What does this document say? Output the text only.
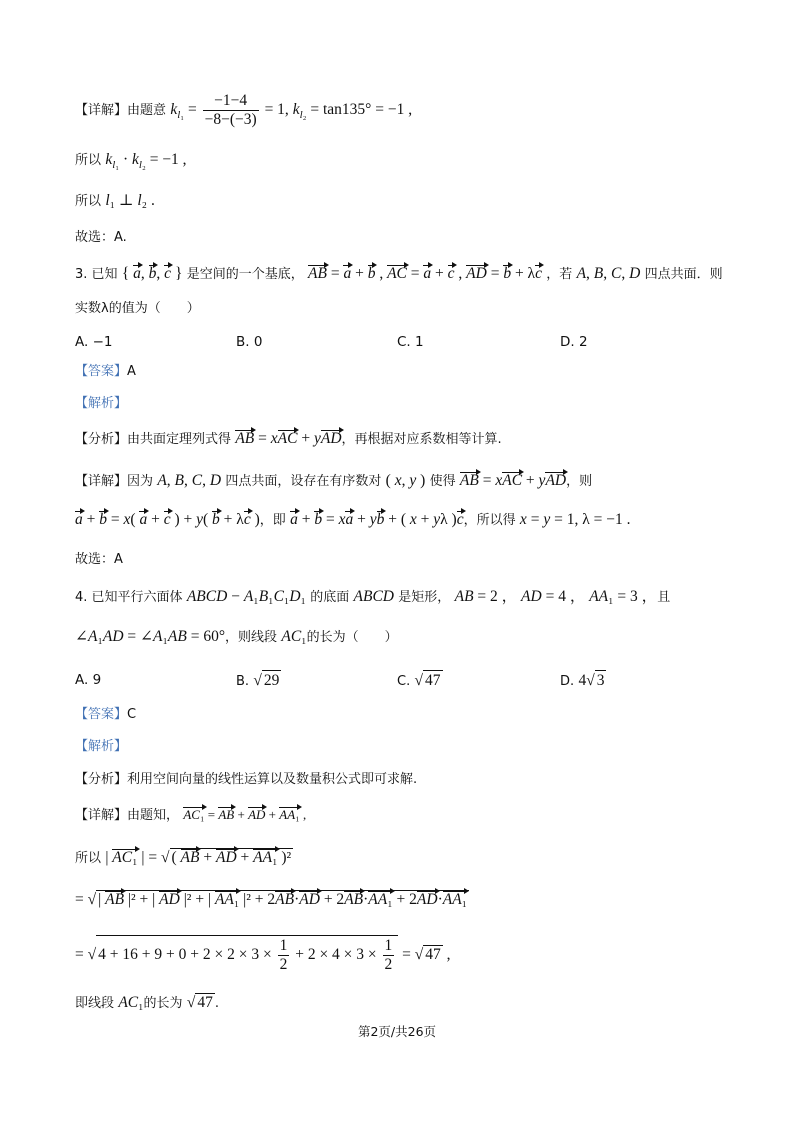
【详解】由题意 $k_{l_1} = \frac{-1-4}{-8-(-3)} = 1$, $k_{l_2} = \tan 135^\circ = -1$ ,
所以 $k_{l_1} \cdot k_{l_2} = -1$ ,
所以 l₁ ⊥ l₂ .
故选：A.
3. 已知 { a, b, c } 是空间的一个基底， AB = a + b , AC = a + c , AD = b + λc ，若 A, B, C, D 四点共面．则
实数λ的值为（　　）
A. −1	B. 0	C. 1	D. 2
【答案】A
【解析】
【分析】由共面定理列式得 AB = xAC + yAD，再根据对应系数相等计算.
【详解】因为 A, B, C, D 四点共面，设存在有序数对 ( x, y ) 使得 AB = xAC + yAD，则
a + b = x( a + c ) + y( b + λc )，即 a + b = xa + yb + ( x + yλ )c，所以得 x = y = 1, λ = −1 .
故选：A
4. 已知平行六面体 ABCD − A₁B₁C₁D₁ 的底面 ABCD 是矩形， AB = 2 ， AD = 4 ， AA₁ = 3 ，且
∠A₁AD = ∠A₁AB = 60°，则线段 AC₁的长为（　　）
A. 9	B. √ 29	C. √ 47	D. 4√ 3
【答案】C
【解析】
【分析】利用空间向量的线性运算以及数量积公式即可求解.
【详解】由题知， AC₁ = AB + AD + AA₁ ,
所以 | AC₁ | = √ ( AB + AD + AA₁ )²
= √ | AB |² + | AD |² + | AA₁ |² + 2AB·AD + 2AB·AA₁ + 2AD·AA₁
= √ $4 + 16 + 9 + 0 + 2 \times 2 \times 3 \times \frac{1}{2} + 2 \times 4 \times 3 \times \frac{1}{2}$ = √ 47 ,
即线段 AC₁的长为 √ 47 .
第2页/共26页
